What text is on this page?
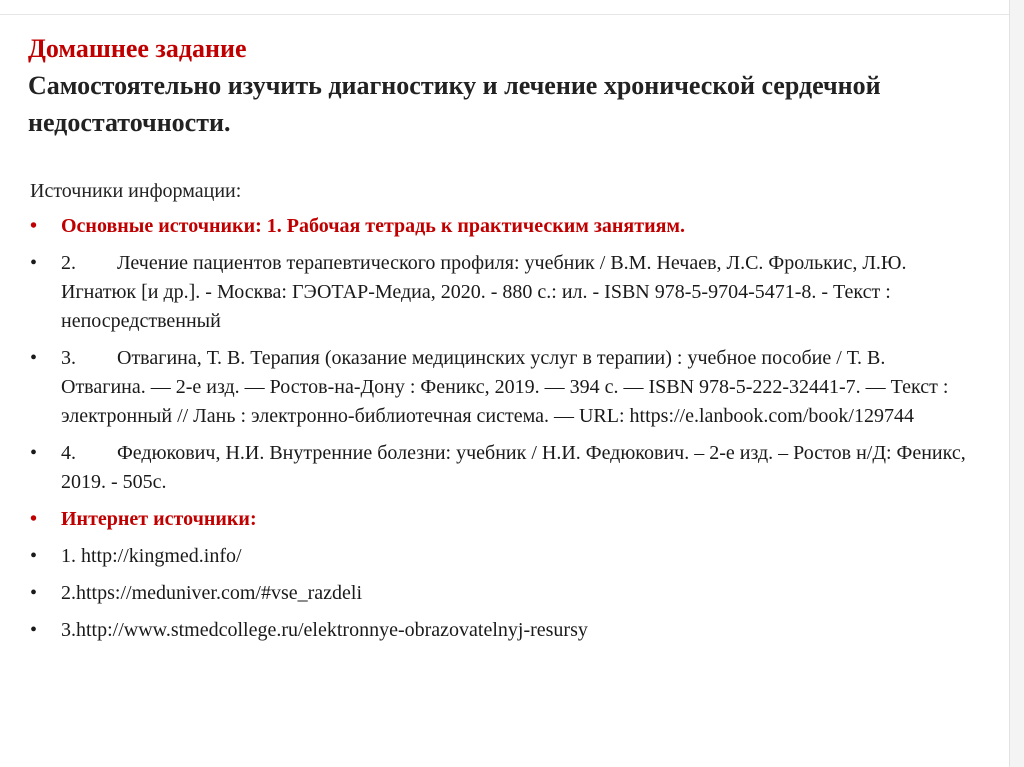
Домашнее задание
Самостоятельно изучить диагностику и лечение хронической сердечной недостаточности.
Источники информации:
• Основные источники: 1. Рабочая тетрадь к практическим занятиям.
• 2. Лечение пациентов терапевтического профиля: учебник / В.М. Нечаев, Л.С. Фролькис, Л.Ю. Игнатюк [и др.]. - Москва: ГЭОТАР-Медиа, 2020. - 880 с.: ил. - ISBN 978-5-9704-5471-8. - Текст : непосредственный
• 3. Отвагина, Т. В. Терапия (оказание медицинских услуг в терапии) : учебное пособие / Т. В. Отвагина. — 2-е изд. — Ростов-на-Дону : Феникс, 2019. — 394 с. — ISBN 978-5-222-32441-7. — Текст : электронный // Лань : электронно-библиотечная система. — URL: https://e.lanbook.com/book/129744
• 4. Федюкович, Н.И. Внутренние болезни: учебник / Н.И. Федюкович. – 2-е изд. – Ростов н/Д: Феникс, 2019. - 505с.
• Интернет источники:
• 1. http://kingmed.info/
• 2.https://meduniver.com/#vse_razdeli
• 3.http://www.stmedcollege.ru/elektronnye-obrazovatelnyj-resursy
